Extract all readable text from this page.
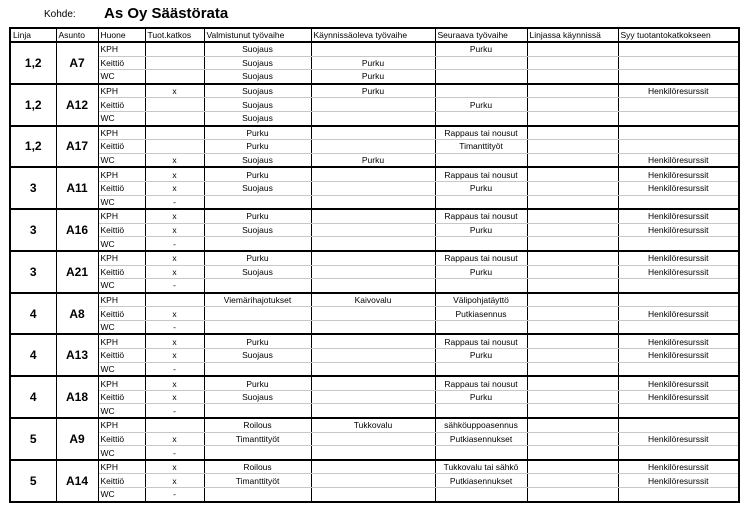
Kohde: As Oy Säästörata
Linja	Asunto	Huone	Tuot.katkos	Valmistunut työvaihe	Käynnissäoleva työvaihe	Seuraava työvaihe	Linjassa käynnissä	Syy tuotantokatkokseen
1,2	A7	KPH		Suojaus		Purku		
		Keittiö		Suojaus	Purku			
		WC		Suojaus	Purku			
1,2	A12	KPH	x	Suojaus	Purku			Henkilöresurssit
		Keittiö		Suojaus		Purku		
		WC		Suojaus				
1,2	A17	KPH		Purku		Rappaus tai nousut		
		Keittiö		Purku		Timanttityöt		
		WC	x	Suojaus	Purku			Henkilöresurssit
3	A11	KPH	x	Purku		Rappaus tai nousut		Henkilöresurssit
		Keittiö	x	Suojaus		Purku		Henkilöresurssit
		WC	-					
3	A16	KPH	x	Purku		Rappaus tai nousut		Henkilöresurssit
		Keittiö	x	Suojaus		Purku		Henkilöresurssit
		WC	-					
3	A21	KPH	x	Purku		Rappaus tai nousut		Henkilöresurssit
		Keittiö	x	Suojaus		Purku		Henkilöresurssit
		WC	-					
4	A8	KPH		Viemärihajotukset	Kaivovalu	Välipohjatäyttö		
		Keittiö	x			Putkiasennus		Henkilöresurssit
		WC	-					
4	A13	KPH	x	Purku		Rappaus tai nousut		Henkilöresurssit
		Keittiö	x	Suojaus		Purku		Henkilöresurssit
		WC	-					
4	A18	KPH	x	Purku		Rappaus tai nousut		Henkilöresurssit
		Keittiö	x	Suojaus		Purku		Henkilöresurssit
		WC	-					
5	A9	KPH		Roilous	Tukkovalu	sähköuppoasennus		
		Keittiö	x	Timanttityöt		Putkiasennukset		Henkilöresurssit
		WC	-					
5	A14	KPH	x	Roilous		Tukkovalu tai sähkö		Henkilöresurssit
		Keittiö	x	Timanttityöt		Putkiasennukset		Henkilöresurssit
		WC	-					
